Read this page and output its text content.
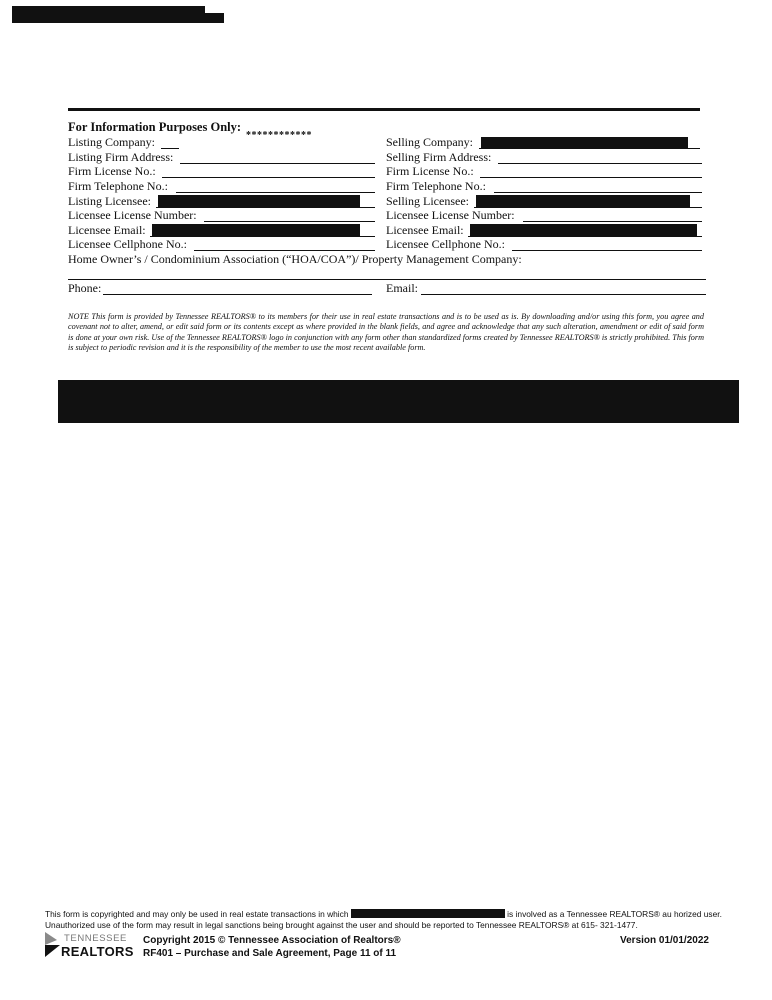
For Information Purposes Only:
************
Listing Company:
Listing Firm Address:
Firm License No.:
Firm Telephone No.:
Listing Licensee:
Licensee License Number:
Licensee Email:
Licensee Cellphone No.:
Selling Company:
Selling Firm Address:
Firm License No.:
Firm Telephone No.:
Selling Licensee:
Licensee License Number:
Licensee Email:
Licensee Cellphone No.:
Home Owner’s / Condominium Association (“HOA/COA”)/ Property Management Company:
Phone:	Email:
NOTE This form is provided by Tennessee REALTORS® to its members for their use in real estate transactions and is to be used as is. By downloading and/or using this form, you agree and covenant not to alter, amend, or edit said form or its contents except as where provided in the blank fields, and agree and acknowledge that any such alteration, amendment or edit of said form is done at your own risk. Use of the Tennessee REALTORS® logo in conjunction with any form other than standardized forms created by Tennessee REALTORS® is strictly prohibited. This form is subject to periodic revision and it is the responsibility of the member to use the most recent available form.
This form is copyrighted and may only be used in real estate transactions in which	is involved as a Tennessee REALTORS® au horized user. Unauthorized use of the form may result in legal sanctions being brought against the user and should be reported to Tennessee REALTORS® at 615- 321-1477.
TENNESSEE
REALTORS
Copyright 2015 © Tennessee Association of Realtors®
RF401 – Purchase and Sale Agreement, Page 11 of 11
Version 01/01/2022
